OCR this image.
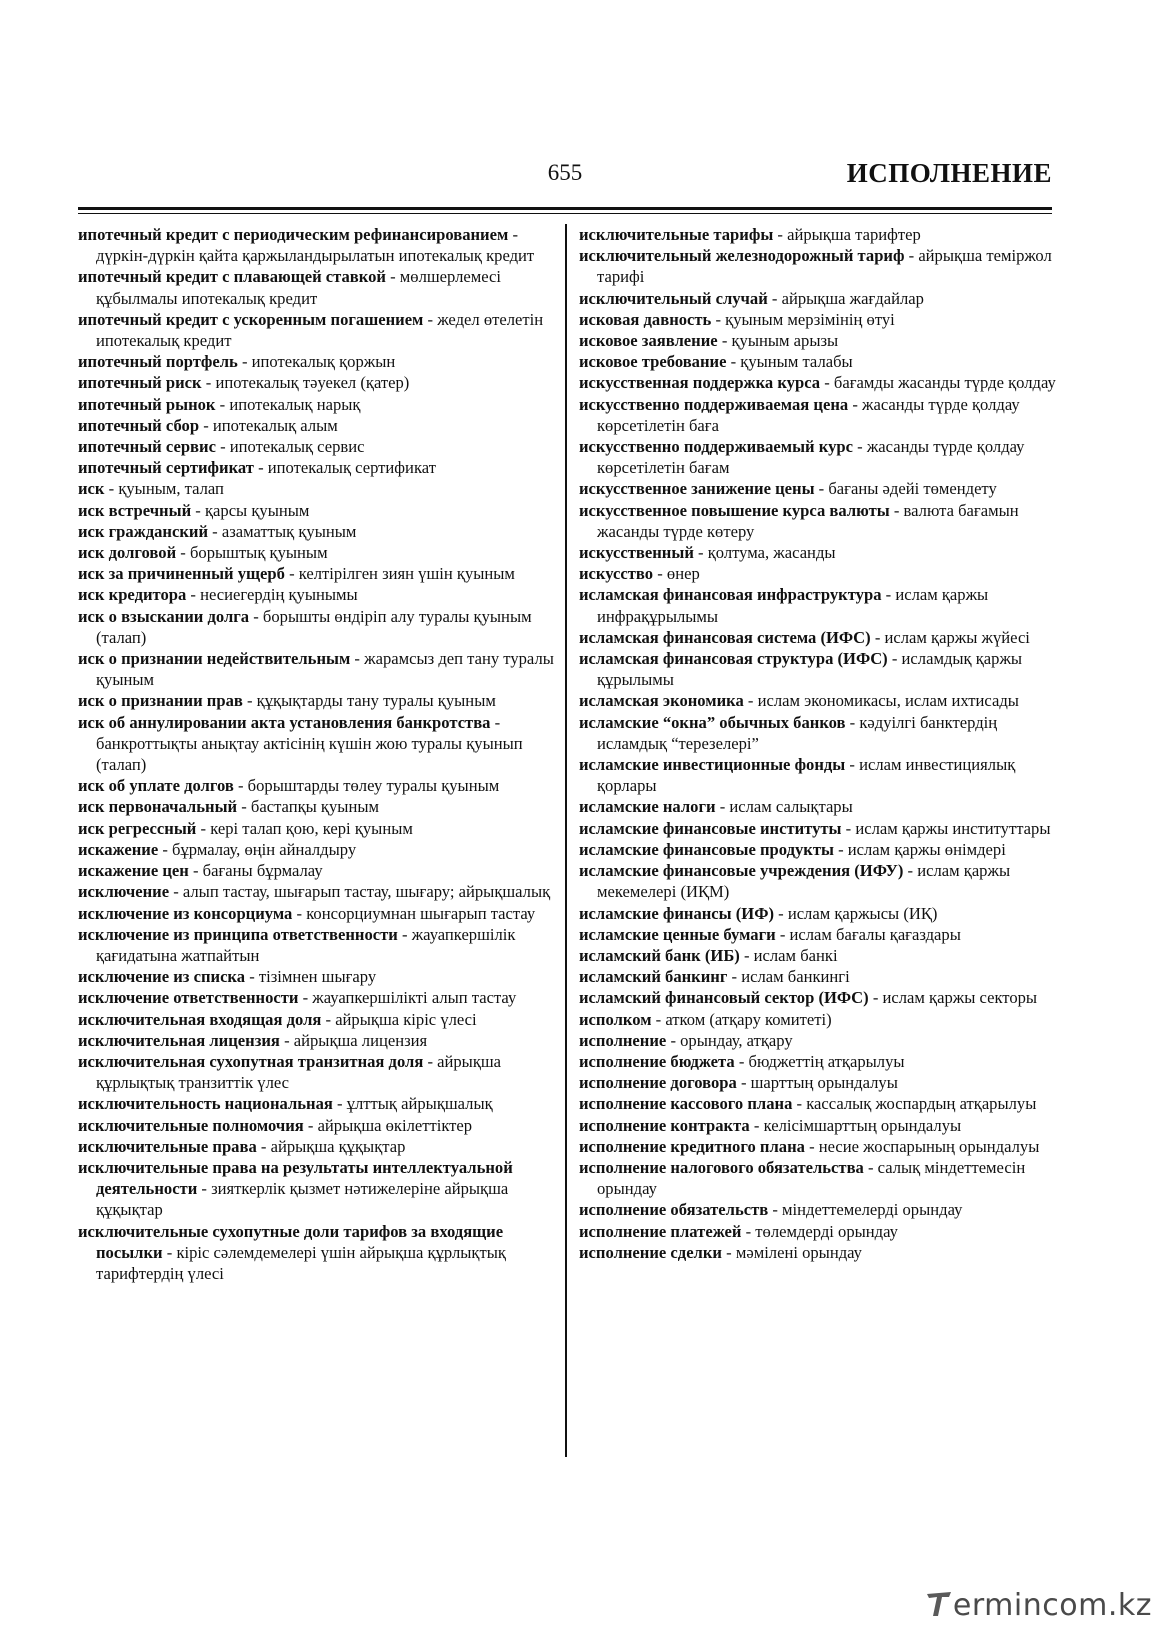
655	ИСПОЛНЕНИЕ
ипотечный кредит с периодическим рефинансированием - дүркін-дүркін қайта қаржыландырылатын ипотекалық кредит
ипотечный кредит с плавающей ставкой - мөлшерлемесі құбылмалы ипотекалық кредит
ипотечный кредит с ускоренным погашением - жедел өтелетін ипотекалық кредит
ипотечный портфель - ипотекалық қоржын
ипотечный риск - ипотекалық тәуекел (қатер)
ипотечный рынок - ипотекалық нарық
ипотечный сбор - ипотекалық алым
ипотечный сервис - ипотекалық сервис
ипотечный сертификат - ипотекалық сертификат
иск - қуыным, талап
иск встречный - қарсы қуыным
иск гражданский - азаматтық қуыным
иск долговой - борыштық қуыным
иск за причиненный ущерб - келтірілген зиян үшін қуыным
иск кредитора - несиегердің қуынымы
иск о взыскании долга - борышты өндіріп алу туралы қуыным (талап)
иск о признании недействительным - жарамсыз деп тану туралы қуыным
иск о признании прав - құқықтарды тану туралы қуыным
иск об аннулировании акта установления банкротства - банкроттықты анықтау актісінің күшін жою туралы қуынып (талап)
иск об уплате долгов - борыштарды төлеу туралы қуыным
иск первоначальный - бастапқы қуыным
иск регрессный - кері талап қою, кері қуыным
искажение - бұрмалау, өңін айналдыру
искажение цен - бағаны бұрмалау
исключение - алып тастау, шығарып тастау, шығару; айрықшалық
исключение из консорциума - консорциумнан шығарып тастау
исключение из принципа ответственности - жауапкершілік қағидатына жатпайтын
исключение из списка - тізімнен шығару
исключение ответственности - жауапкершілікті алып тастау
исключительная входящая доля - айрықша кіріс үлесі
исключительная лицензия - айрықша лицензия
исключительная сухопутная транзитная доля - айрықша құрлықтық транзиттік үлес
исключительность национальная - ұлттық айрықшалық
исключительные полномочия - айрықша өкілеттіктер
исключительные права - айрықша құқықтар
исключительные права на результаты интеллектуальной деятельности - зияткерлік қызмет нәтижелеріне айрықша құқықтар
исключительные сухопутные доли тарифов за входящие посылки - кіріс сәлемдемелері үшін айрықша құрлықтық тарифтердің үлесі
исключительные тарифы - айрықша тарифтер
исключительный железнодорожный тариф - айрықша теміржол тарифі
исключительный случай - айрықша жағдайлар
исковая давность - қуыным мерзімінің өтуі
исковое заявление - қуыным арызы
исковое требование - қуыным талабы
искусственная поддержка курса - бағамды жасанды түрде қолдау
искусственно поддерживаемая цена - жасанды түрде қолдау көрсетілетін баға
искусственно поддерживаемый курс - жасанды түрде қолдау көрсетілетін бағам
искусственное занижение цены - бағаны әдейі төмендету
искусственное повышение курса валюты - валюта бағамын жасанды түрде көтеру
искусственный - қолтума, жасанды
искусство - өнер
исламская финансовая инфраструктура - ислам қаржы инфрақұрылымы
исламская финансовая система (ИФС) - ислам қаржы жүйесі
исламская финансовая структура (ИФС) - исламдық қаржы құрылымы
исламская экономика - ислам экономикасы, ислам ихтисады
исламские “окна” обычных банков - кәдуілгі банктердің исламдық “терезелері”
исламские инвестиционные фонды - ислам инвестициялық қорлары
исламские налоги - ислам салықтары
исламские финансовые институты - ислам қаржы институттары
исламские финансовые продукты - ислам қаржы өнімдері
исламские финансовые учреждения (ИФУ) - ислам қаржы мекемелері (ИҚМ)
исламские финансы (ИФ) - ислам қаржысы (ИҚ)
исламские ценные бумаги - ислам бағалы қағаздары
исламский банк (ИБ) - ислам банкі
исламский банкинг - ислам банкингі
исламский финансовый сектор (ИФС) - ислам қаржы секторы
исполком - атком (атқару комитеті)
исполнение - орындау, атқару
исполнение бюджета - бюджеттің атқарылуы
исполнение договора - шарттың орындалуы
исполнение кассового плана - кассалық жоспардың атқарылуы
исполнение контракта - келісімшарттың орындалуы
исполнение кредитного плана - несие жоспарының орындалуы
исполнение налогового обязательства - салық міндеттемесін орындау
исполнение обязательств - міндеттемелерді орындау
исполнение платежей - төлемдерді орындау
исполнение сделки - мәмілені орындау
ermincom.kz
